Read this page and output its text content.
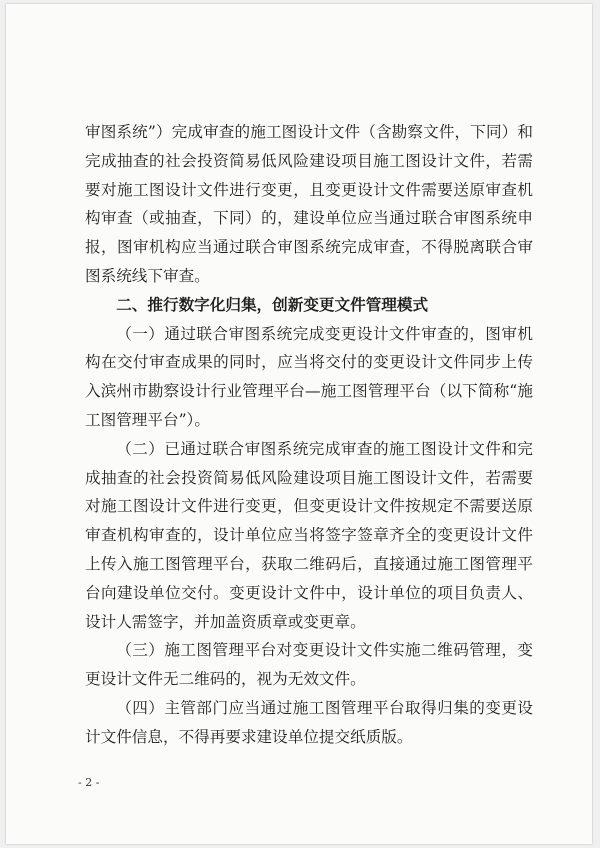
审图系统”）完成审查的施工图设计文件（含勘察文件，下同）和完成抽查的社会投资简易低风险建设项目施工图设计文件，若需要对施工图设计文件进行变更，且变更设计文件需要送原审查机构审查（或抽查，下同）的，建设单位应当通过联合审图系统申报，图审机构应当通过联合审图系统完成审查，不得脱离联合审图系统线下审查。

二、推行数字化归集，创新变更文件管理模式

（一）通过联合审图系统完成变更设计文件审查的，图审机构在交付审查成果的同时，应当将交付的变更设计文件同步上传入滨州市勘察设计行业管理平台—施工图管理平台（以下简称“施工图管理平台”）。

（二）已通过联合审图系统完成审查的施工图设计文件和完成抽查的社会投资简易低风险建设项目施工图设计文件，若需要对施工图设计文件进行变更，但变更设计文件按规定不需要送原审查机构审查的，设计单位应当将签字签章齐全的变更设计文件上传入施工图管理平台，获取二维码后，直接通过施工图管理平台向建设单位交付。变更设计文件中，设计单位的项目负责人、设计人需签字，并加盖资质章或变更章。

（三）施工图管理平台对变更设计文件实施二维码管理，变更设计文件无二维码的，视为无效文件。

（四）主管部门应当通过施工图管理平台取得归集的变更设计文件信息，不得再要求建设单位提交纸质版。

- 2 -
